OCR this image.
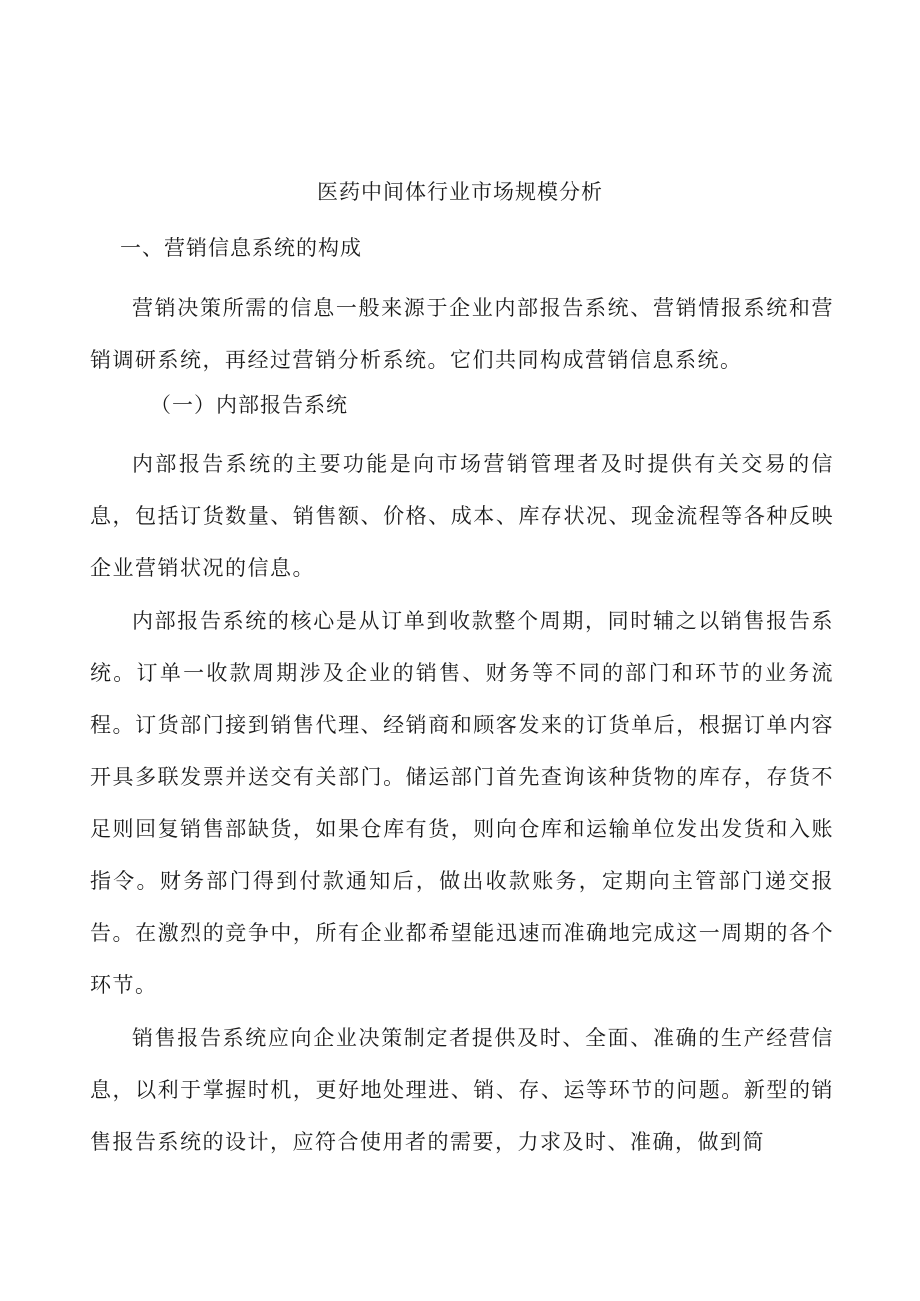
医药中间体行业市场规模分析
一、营销信息系统的构成

营销决策所需的信息一般来源于企业内部报告系统、营销情报系统和营销调研系统，再经过营销分析系统。它们共同构成营销信息系统。

（一）内部报告系统

内部报告系统的主要功能是向市场营销管理者及时提供有关交易的信息，包括订货数量、销售额、价格、成本、库存状况、现金流程等各种反映企业营销状况的信息。

内部报告系统的核心是从订单到收款整个周期，同时辅之以销售报告系统。订单一收款周期涉及企业的销售、财务等不同的部门和环节的业务流程。订货部门接到销售代理、经销商和顾客发来的订货单后，根据订单内容开具多联发票并送交有关部门。储运部门首先查询该种货物的库存，存货不足则回复销售部缺货，如果仓库有货，则向仓库和运输单位发出发货和入账指令。财务部门得到付款通知后，做出收款账务，定期向主管部门递交报告。在激烈的竞争中，所有企业都希望能迅速而准确地完成这一周期的各个环节。

销售报告系统应向企业决策制定者提供及时、全面、准确的生产经营信息，以利于掌握时机，更好地处理进、销、存、运等环节的问题。新型的销售报告系统的设计，应符合使用者的需要，力求及时、准确，做到简
